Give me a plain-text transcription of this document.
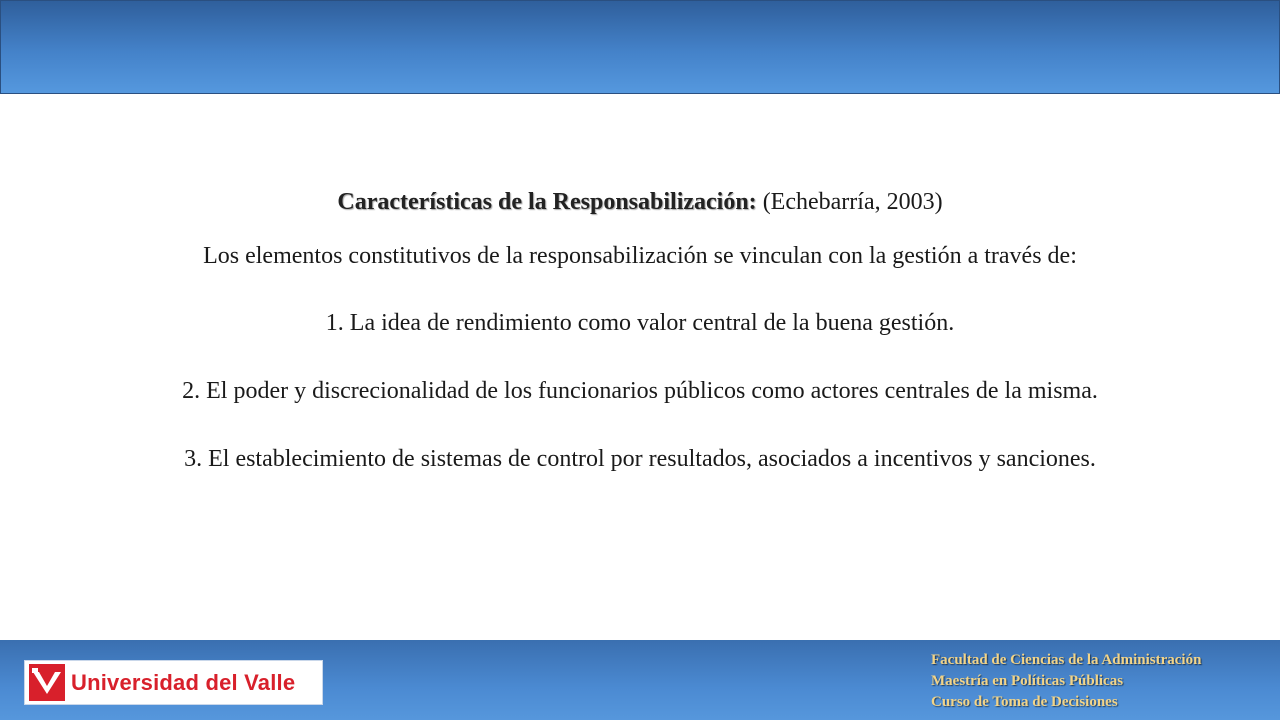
Características de la Responsabilización: (Echebarría, 2003)

Los elementos constitutivos de la responsabilización se vinculan con la gestión a través de:

1. La idea de rendimiento como valor central de la buena gestión.

2. El poder y discrecionalidad de los funcionarios públicos como actores centrales de la misma.

3. El establecimiento de sistemas de control por resultados, asociados a incentivos y sanciones.

Universidad del Valle
Facultad de Ciencias de la Administración
Maestría en Políticas Públicas
Curso de Toma de Decisiones
